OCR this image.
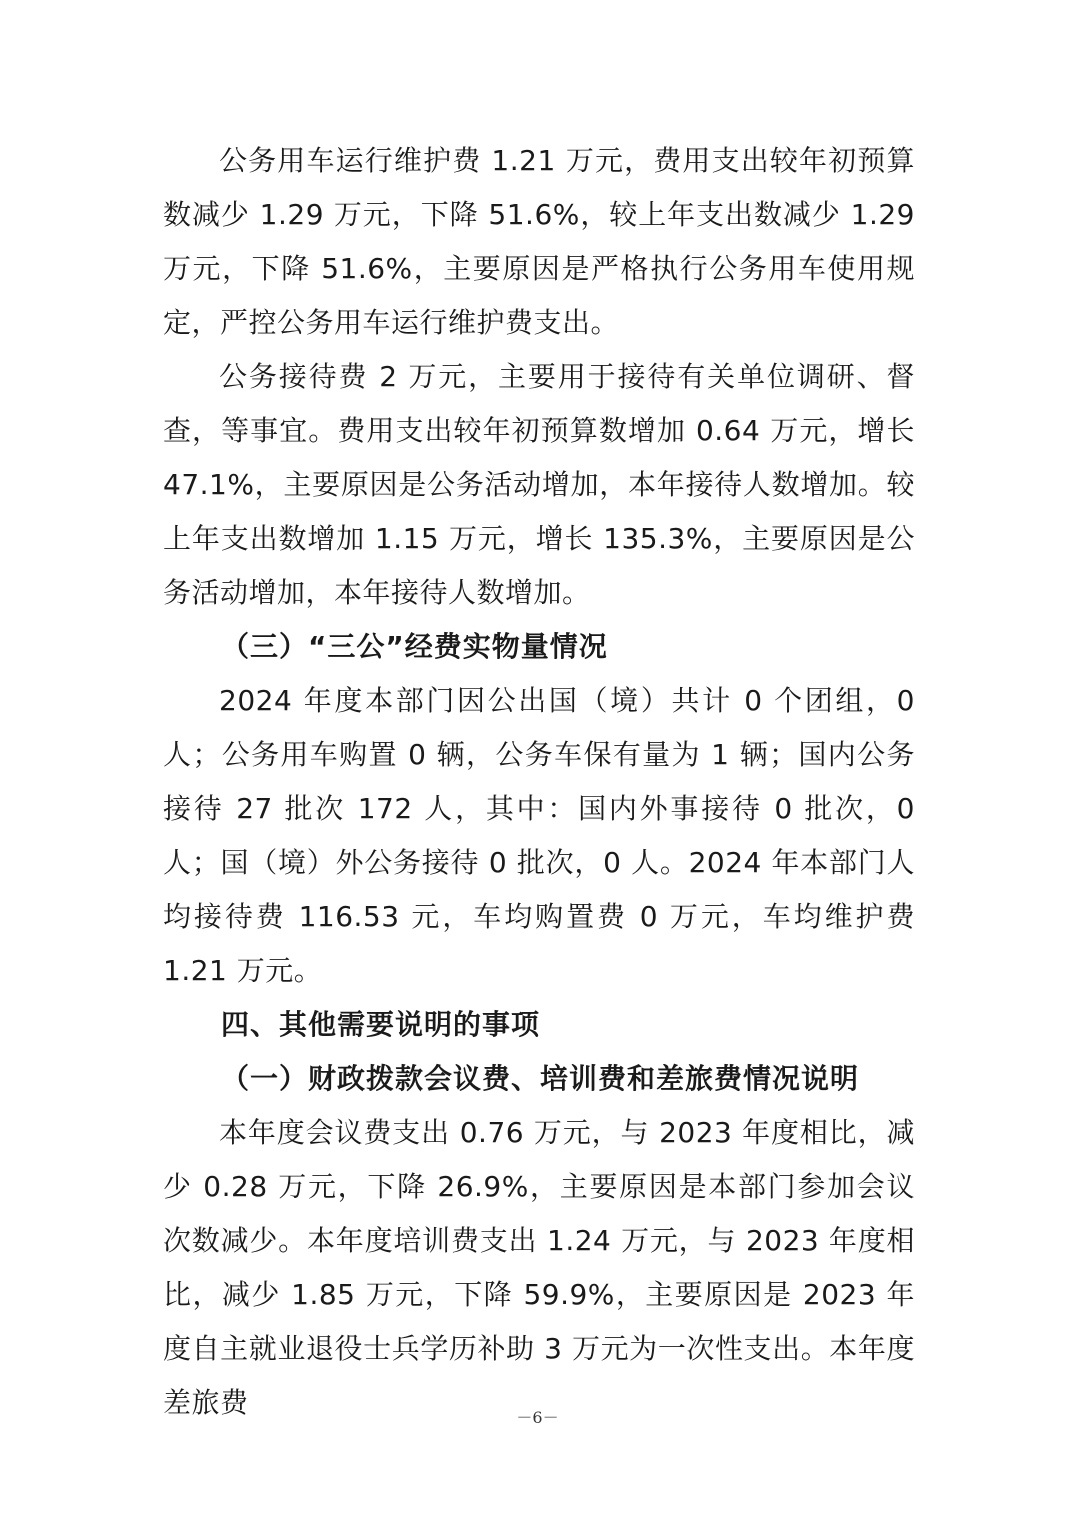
公务用车运行维护费 1.21 万元，费用支出较年初预算数减少 1.29 万元，下降 51.6%，较上年支出数减少 1.29 万元，下降 51.6%，主要原因是严格执行公务用车使用规定，严控公务用车运行维护费支出。

公务接待费 2 万元，主要用于接待有关单位调研、督查，等事宜。费用支出较年初预算数增加 0.64 万元，增长 47.1%，主要原因是公务活动增加，本年接待人数增加。较上年支出数增加 1.15 万元，增长 135.3%，主要原因是公务活动增加，本年接待人数增加。

（三）“三公”经费实物量情况

2024 年度本部门因公出国（境）共计 0 个团组，0 人；公务用车购置 0 辆，公务车保有量为 1 辆；国内公务接待 27 批次 172 人，其中：国内外事接待 0 批次，0 人；国（境）外公务接待 0 批次，0 人。2024 年本部门人均接待费 116.53 元，车均购置费 0 万元，车均维护费 1.21 万元。

四、其他需要说明的事项

（一）财政拨款会议费、培训费和差旅费情况说明

本年度会议费支出 0.76 万元，与 2023 年度相比，减少 0.28 万元，下降 26.9%，主要原因是本部门参加会议次数减少。本年度培训费支出 1.24 万元，与 2023 年度相比，减少 1.85 万元，下降 59.9%，主要原因是 2023 年度自主就业退役士兵学历补助 3 万元为一次性支出。本年度差旅费	－6－
